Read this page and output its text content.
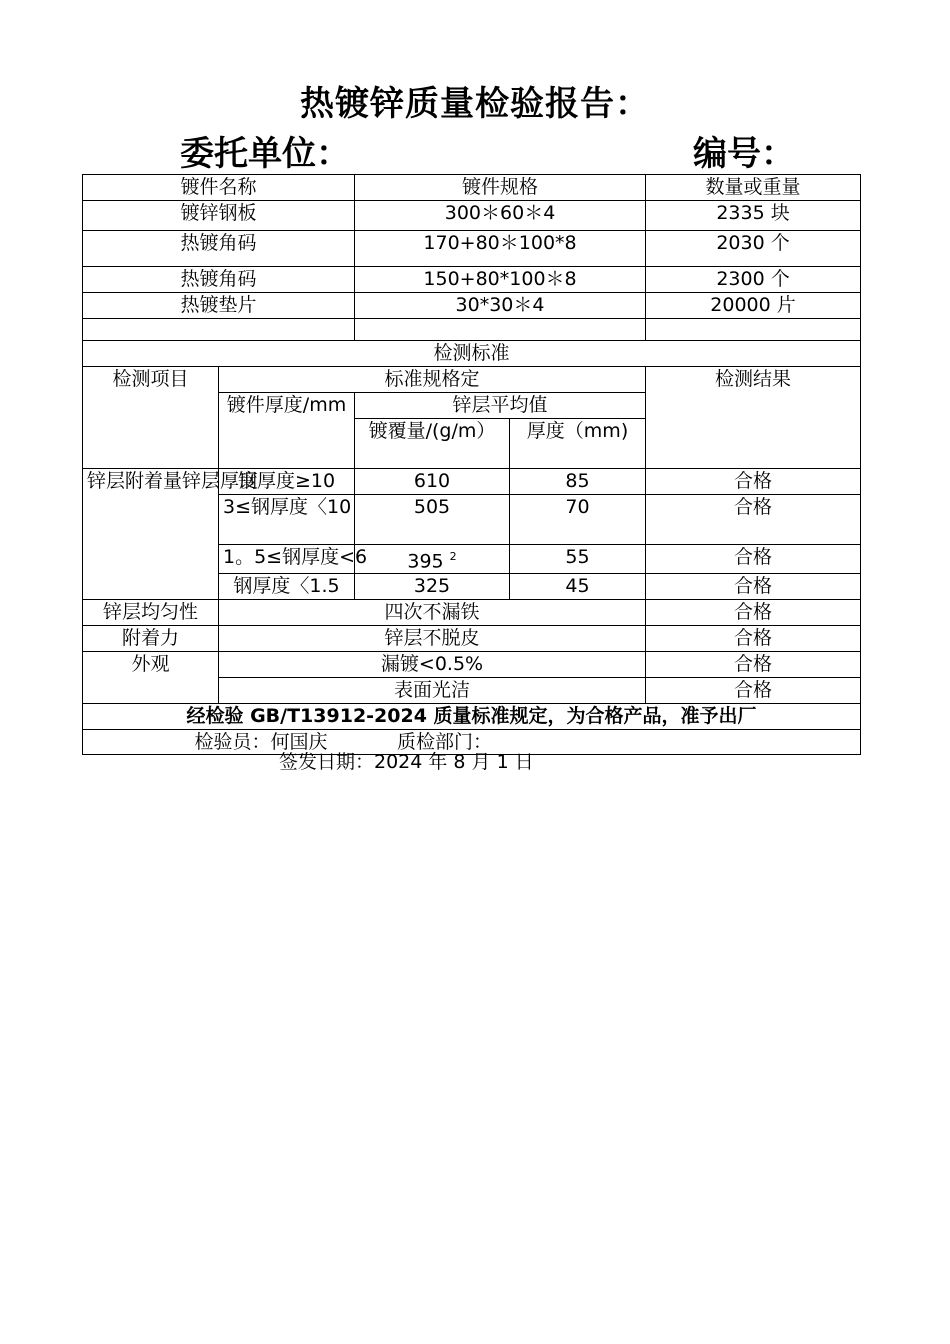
热镀锌质量检验报告：
委托单位：	编号：
镀件名称		镀件规格		数量或重量
镀锌钢板		300＊60＊4		2335 块
热镀角码		170+80＊100*8		2030 个
热镀角码		150+80*100＊8		2300 个
热镀垫片		30*30＊4		20000 片

检测标准				
检测项目	标准规格定			检测结果
	镀件厚度/mm	锌层平均值		
		镀覆量/(g/m）	厚度（mm)	
锌层附着量锌层厚度	钢厚度≥10	610	85	合格
	3≤钢厚度〈10	505	70	合格
	1。5≤钢厚度<6	395 $^2$	55	合格
	钢厚度〈1.5	325	45	合格
锌层均匀性	四次不漏铁			合格
附着力	锌层不脱皮			合格
外观	漏镀<0.5%			合格
	表面光洁			合格
经检验 GB/T13912-2024 质量标准规定，为合格产品，准予出厂				

检验员：何国庆 质检部门：				
签发日期：2024 年 8 月 1 日
